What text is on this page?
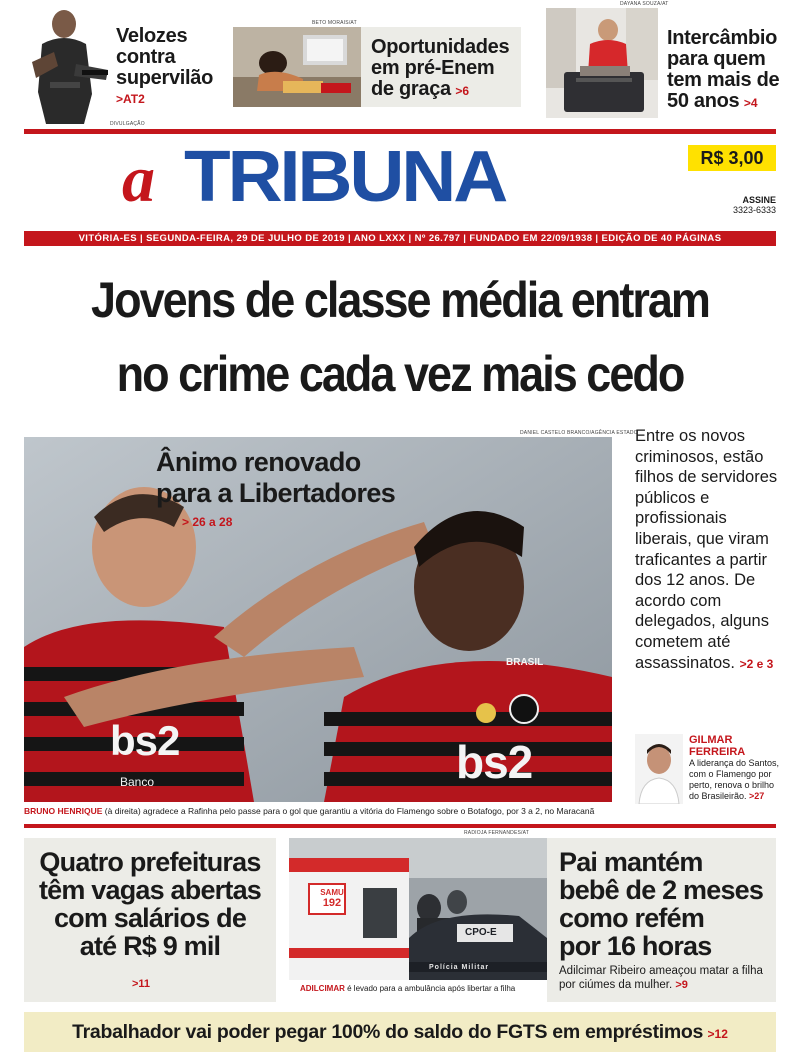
DIVULGAÇÃO
Velozes
contra
supervilão
>AT2
BETO MORAIS/AT
Oportunidades
em pré-Enem
de graça >6
DAYANA SOUZA/AT
Intercâmbio
para quem
tem mais de
50 anos >4
a TRIBUNA	R$ 3,00
ASSINE
3323-6333
VITÓRIA-ES | SEGUNDA-FEIRA, 29 DE JULHO DE 2019 | ANO LXXX | Nº 26.797 | FUNDADO EM 22/09/1938 | EDIÇÃO DE 40 PÁGINAS
Jovens de classe média entram
no crime cada vez mais cedo
DANIEL CASTELO BRANCO/AGÊNCIA ESTADO
bs2	bs2
BRASIL
Banco
Ânimo renovado
para a Libertadores
> 26 a 28
BRUNO HENRIQUE (à direita) agradece a Rafinha pelo passe para o gol que garantiu a vitória do Flamengo sobre o Botafogo, por 3 a 2, no Maracanã
Entre os novos criminosos, estão filhos de servidores públicos e profissionais liberais, que viram traficantes a partir dos 12 anos. De acordo com delegados, alguns cometem até assassinatos. >2 e 3
GILMAR
FERREIRA
A liderança do Santos, com o Flamengo por perto, renova o brilho do Brasileirão. >27
Quatro prefeituras
têm vagas abertas
com salários de
até R$ 9 mil
>11
RADIOJA FERNANDES/AT
SAMU
192
CPO-E
Polícia Militar
ADILCIMAR é levado para a ambulância após libertar a filha
Pai mantém
bebê de 2 meses
como refém
por 16 horas
Adilcimar Ribeiro ameaçou matar a filha por ciúmes da mulher. >9
Trabalhador vai poder pegar 100% do saldo do FGTS em empréstimos >12
